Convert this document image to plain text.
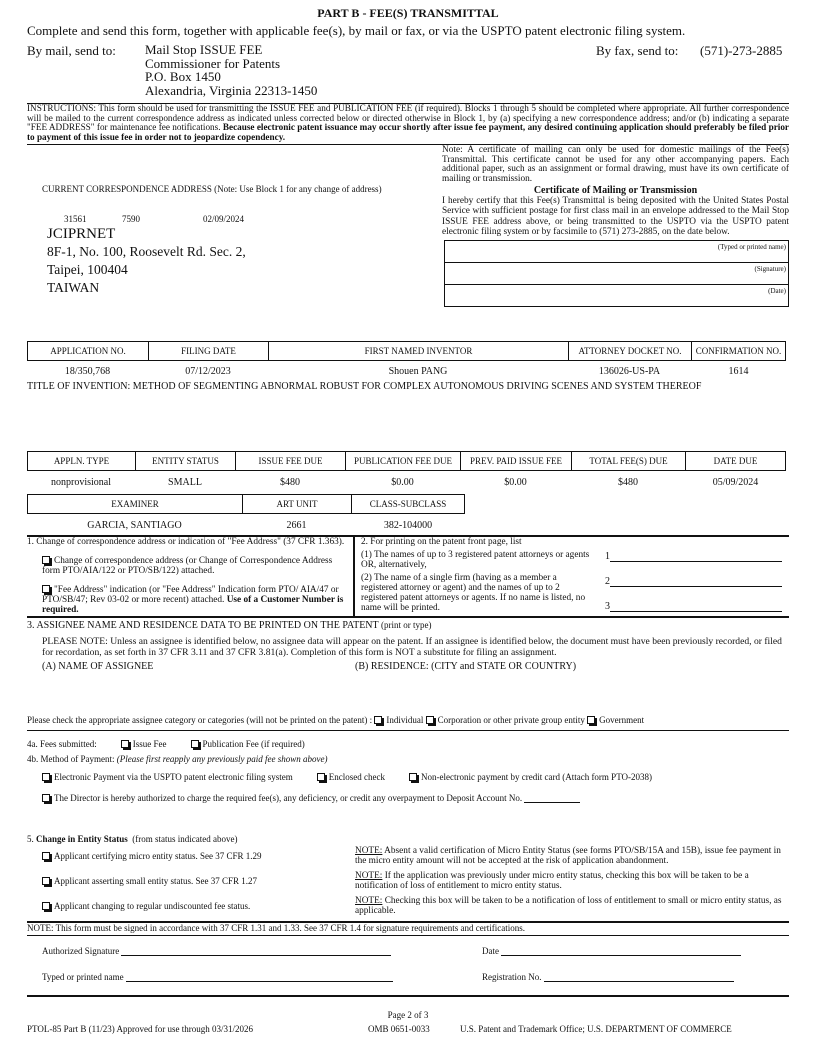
PART B - FEE(S) TRANSMITTAL
Complete and send this form, together with applicable fee(s), by mail or fax, or via the USPTO patent electronic filing system.
By mail, send to: Mail Stop ISSUE FEE
Commissioner for Patents
P.O. Box 1450
Alexandria, Virginia 22313-1450
By fax, send to: (571)-273-2885
INSTRUCTIONS: This form should be used for transmitting the ISSUE FEE and PUBLICATION FEE (if required). Blocks 1 through 5 should be completed where appropriate. All further correspondence will be mailed to the current correspondence address as indicated unless corrected below or directed otherwise in Block 1, by (a) specifying a new correspondence address; and/or (b) indicating a separate "FEE ADDRESS" for maintenance fee notifications. Because electronic patent issuance may occur shortly after issue fee payment, any desired continuing application should preferably be filed prior to payment of this issue fee in order not to jeopardize copendency.
CURRENT CORRESPONDENCE ADDRESS (Note: Use Block 1 for any change of address)
31561	7590	02/09/2024
JCIPRNET
8F-1, No. 100, Roosevelt Rd. Sec. 2,
Taipei, 100404
TAIWAN
Note: A certificate of mailing can only be used for domestic mailings of the Fee(s) Transmittal. This certificate cannot be used for any other accompanying papers. Each additional paper, such as an assignment or formal drawing, must have its own certificate of mailing or transmission.
Certificate of Mailing or Transmission
I hereby certify that this Fee(s) Transmittal is being deposited with the United States Postal Service with sufficient postage for first class mail in an envelope addressed to the Mail Stop ISSUE FEE address above, or being transmitted to the USPTO via the USPTO patent electronic filing system or by facsimile to (571) 273-2885, on the date below.
(Typed or printed name)
(Signature)
(Date)
APPLICATION NO.	FILING DATE	FIRST NAMED INVENTOR	ATTORNEY DOCKET NO.	CONFIRMATION NO.
18/350,768	07/12/2023	Shouen PANG	136026-US-PA	1614
TITLE OF INVENTION: METHOD OF SEGMENTING ABNORMAL ROBUST FOR COMPLEX AUTONOMOUS DRIVING SCENES AND SYSTEM THEREOF
APPLN. TYPE	ENTITY STATUS	ISSUE FEE DUE	PUBLICATION FEE DUE	PREV. PAID ISSUE FEE	TOTAL FEE(S) DUE	DATE DUE
nonprovisional	SMALL	$480	$0.00	$0.00	$480	05/09/2024
EXAMINER	ART UNIT	CLASS-SUBCLASS
GARCIA, SANTIAGO	2661	382-104000
1. Change of correspondence address or indication of "Fee Address" (37 CFR 1.363).
Change of correspondence address (or Change of Correspondence Address form PTO/AIA/122 or PTO/SB/122) attached.
"Fee Address" indication (or "Fee Address" Indication form PTO/ AIA/47 or PTO/SB/47; Rev 03-02 or more recent) attached. Use of a Customer Number is required.
2. For printing on the patent front page, list
(1) The names of up to 3 registered patent attorneys or agents OR, alternatively,
(2) The name of a single firm (having as a member a registered attorney or agent) and the names of up to 2 registered patent attorneys or agents. If no name is listed, no name will be printed.
1
2
3
3. ASSIGNEE NAME AND RESIDENCE DATA TO BE PRINTED ON THE PATENT (print or type)
PLEASE NOTE: Unless an assignee is identified below, no assignee data will appear on the patent. If an assignee is identified below, the document must have been previously recorded, or filed for recordation, as set forth in 37 CFR 3.11 and 37 CFR 3.81(a). Completion of this form is NOT a substitute for filing an assignment.
(A) NAME OF ASSIGNEE	(B) RESIDENCE: (CITY and STATE OR COUNTRY)
Please check the appropriate assignee category or categories (will not be printed on the patent) : Individual Corporation or other private group entity Government
4a. Fees submitted:	Issue Fee	Publication Fee (if required)
4b. Method of Payment: (Please first reapply any previously paid fee shown above)
Electronic Payment via the USPTO patent electronic filing system	Enclosed check	Non-electronic payment by credit card (Attach form PTO-2038)
The Director is hereby authorized to charge the required fee(s), any deficiency, or credit any overpayment to Deposit Account No.
5. Change in Entity Status (from status indicated above)
Applicant certifying micro entity status. See 37 CFR 1.29
Applicant asserting small entity status. See 37 CFR 1.27
Applicant changing to regular undiscounted fee status.
NOTE: Absent a valid certification of Micro Entity Status (see forms PTO/SB/15A and 15B), issue fee payment in the micro entity amount will not be accepted at the risk of application abandonment.
NOTE: If the application was previously under micro entity status, checking this box will be taken to be a notification of loss of entitlement to micro entity status.
NOTE: Checking this box will be taken to be a notification of loss of entitlement to small or micro entity status, as applicable.
NOTE: This form must be signed in accordance with 37 CFR 1.31 and 1.33. See 37 CFR 1.4 for signature requirements and certifications.
Authorized Signature	Date
Typed or printed name	Registration No.
Page 2 of 3
PTOL-85 Part B (11/23) Approved for use through 03/31/2026	OMB 0651-0033	U.S. Patent and Trademark Office; U.S. DEPARTMENT OF COMMERCE
